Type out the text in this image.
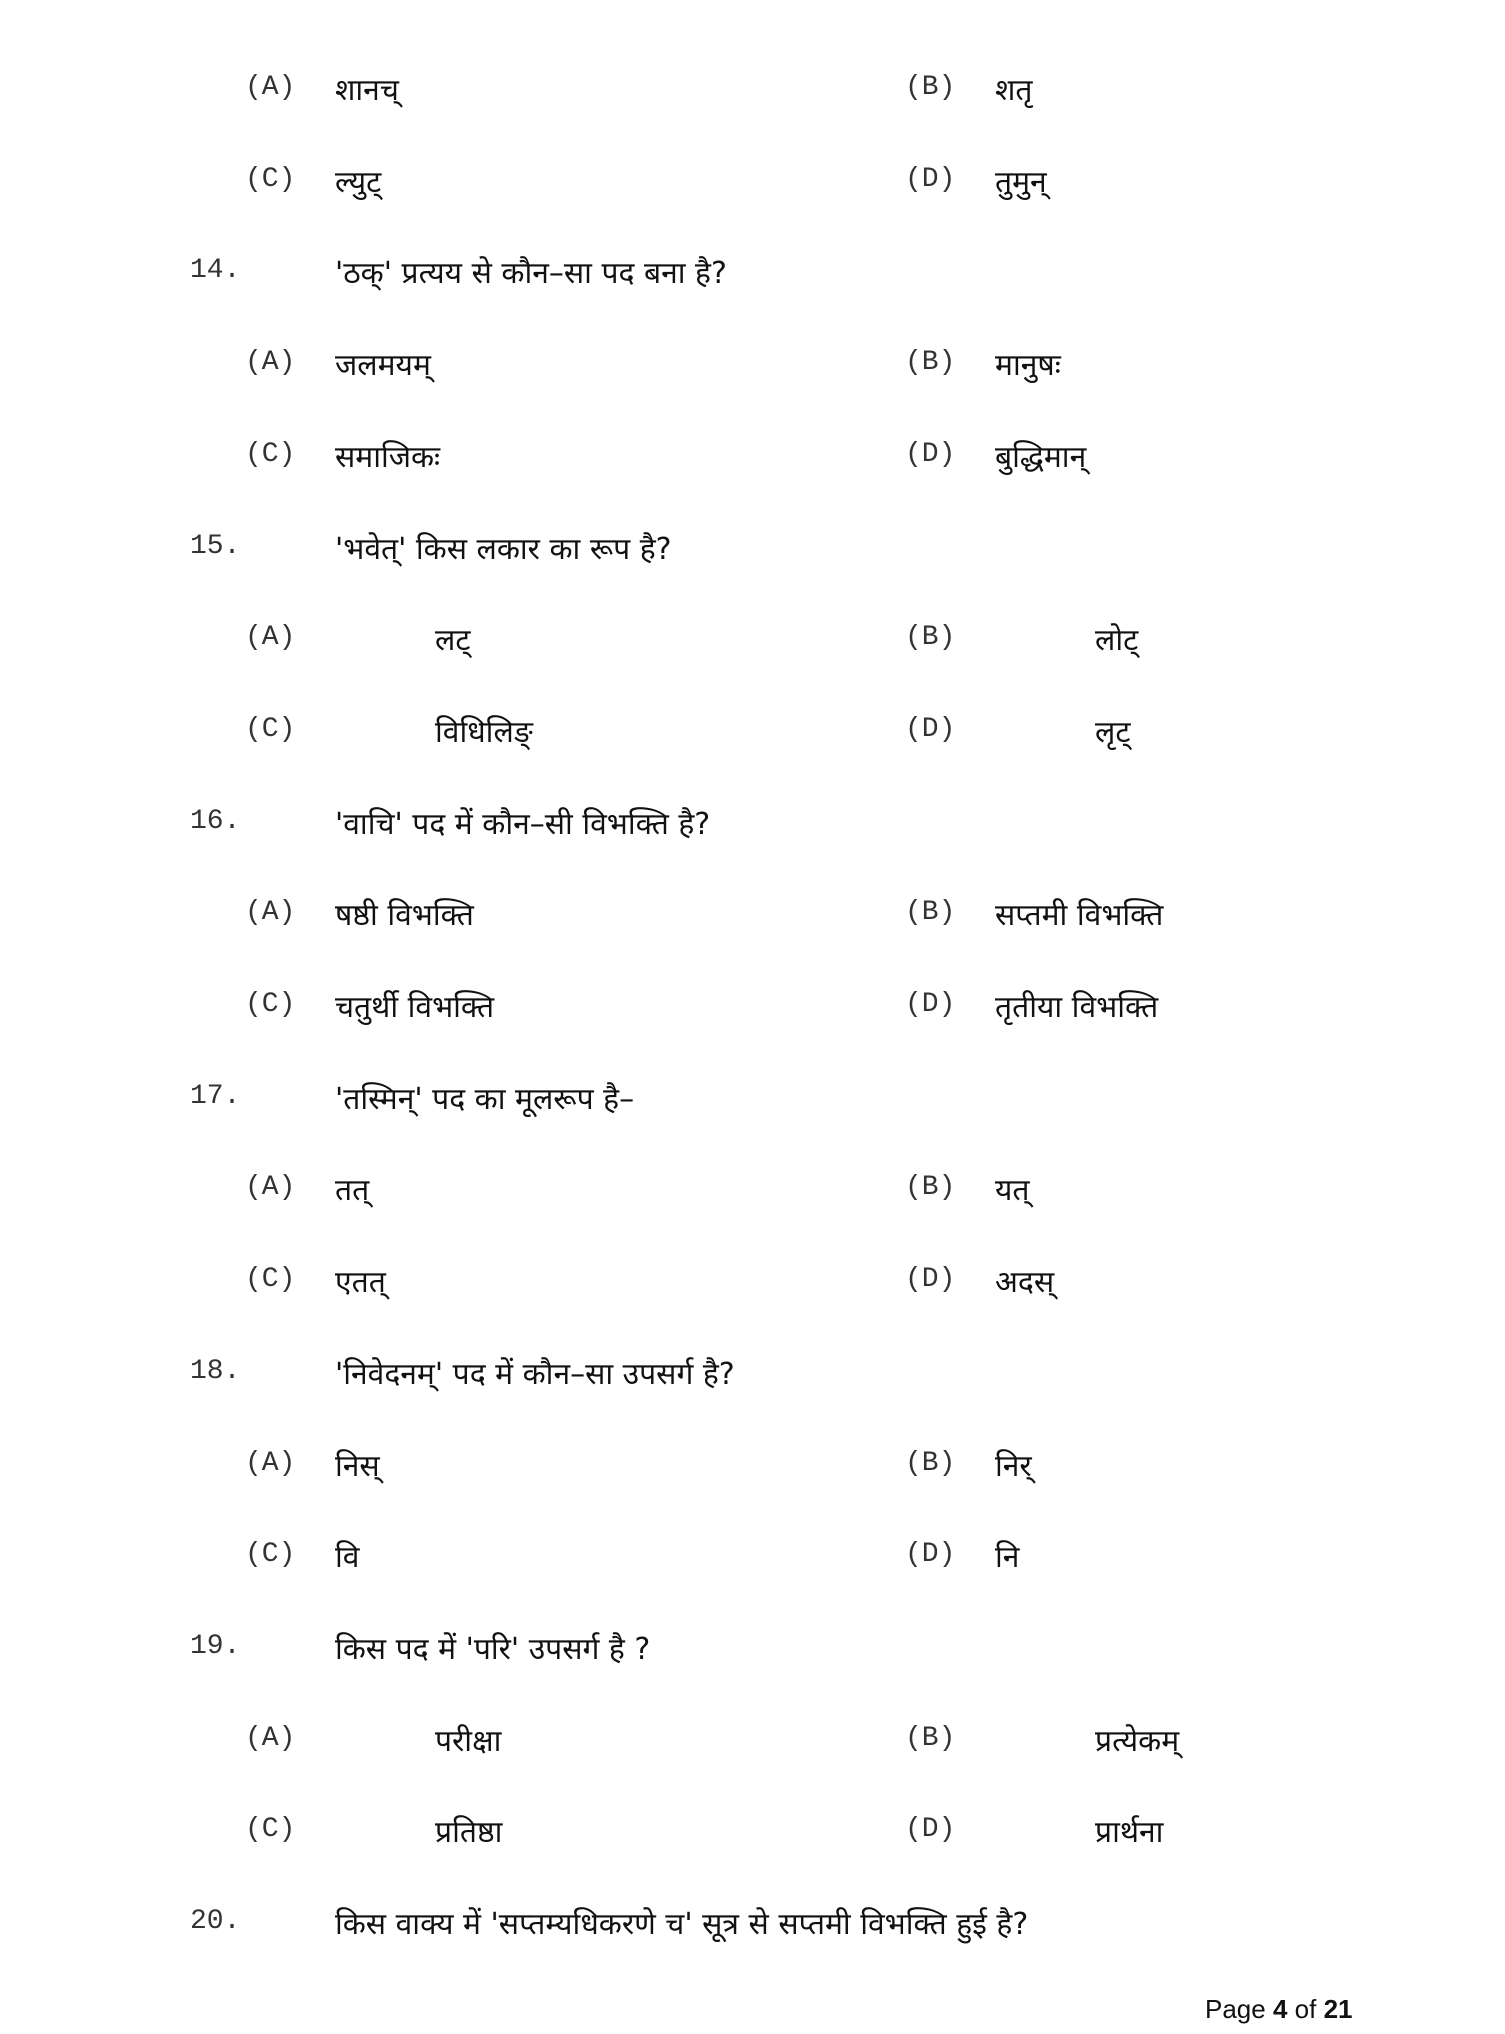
(A) शानच्	(B) शतृ
(C) ल्युट्	(D) तुमुन्
14.	'ठक्' प्रत्यय से कौन–सा पद बना है?
(A) जलमयम्	(B) मानुषः
(C) समाजिकः	(D) बुद्धिमान्
15.	'भवेत्' किस लकार का रूप है?
(A)	लट्	(B)	लोट्
(C)	विधिलिङ्	(D)	लृट्
16.	'वाचि' पद में कौन–सी विभक्ति है?
(A) षष्ठी विभक्ति	(B) सप्तमी विभक्ति
(C) चतुर्थी विभक्ति	(D) तृतीया विभक्ति
17.	'तस्मिन्' पद का मूलरूप है–
(A) तत्	(B) यत्
(C) एतत्	(D) अदस्
18.	'निवेदनम्' पद में कौन–सा उपसर्ग है?
(A) निस्	(B) निर्
(C) वि	(D) नि
19.	किस पद में 'परि' उपसर्ग है ?
(A)	परीक्षा	(B)	प्रत्येकम्
(C)	प्रतिष्ठा	(D)	प्रार्थना
20.	किस वाक्य में 'सप्तम्यधिकरणे च' सूत्र से सप्तमी विभक्ति हुई है?
Page 4 of 21
